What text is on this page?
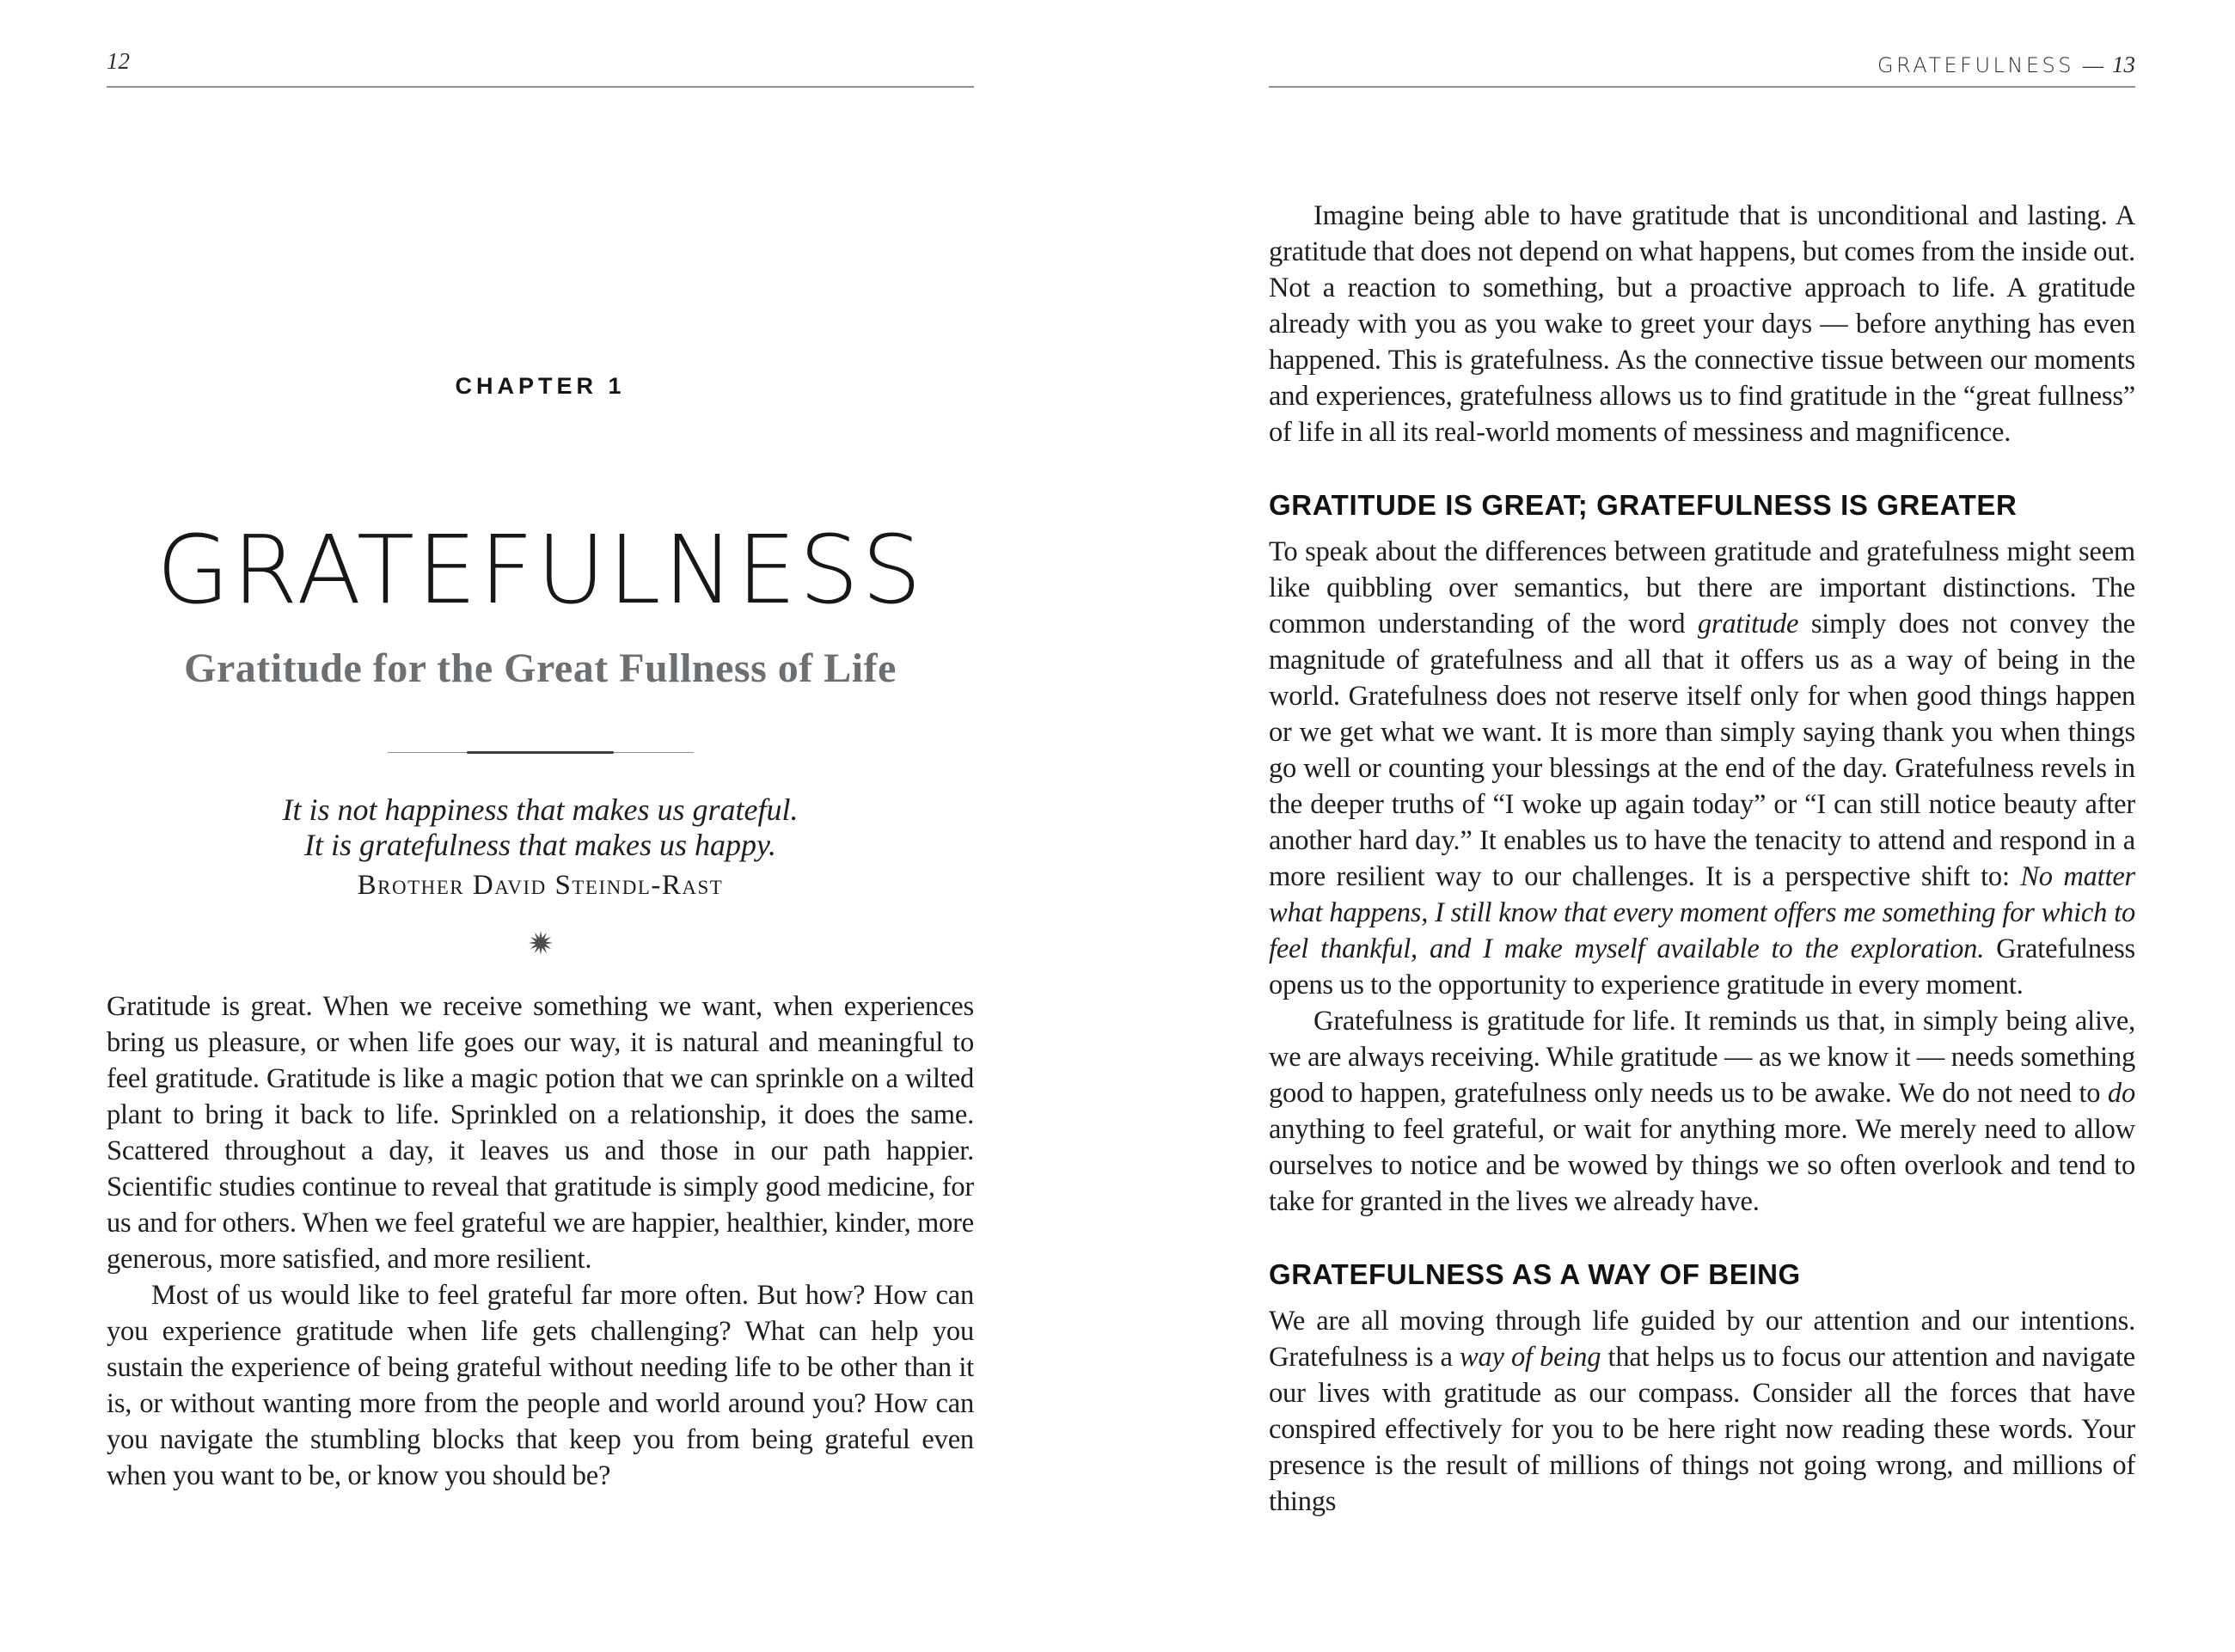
12
CHAPTER 1
GRATEFULNESS
Gratitude for the Great Fullness of Life
It is not happiness that makes us grateful.
It is gratefulness that makes us happy.
Brother David Steindl-Rast

Gratitude is great. When we receive something we want, when experiences bring us pleasure, or when life goes our way, it is natural and meaningful to feel gratitude. Gratitude is like a magic potion that we can sprinkle on a wilted plant to bring it back to life. Sprinkled on a relationship, it does the same. Scattered throughout a day, it leaves us and those in our path happier. Scientific studies continue to reveal that gratitude is simply good medicine, for us and for others. When we feel grateful we are happier, healthier, kinder, more generous, more satisfied, and more resilient.

Most of us would like to feel grateful far more often. But how? How can you experience gratitude when life gets challenging? What can help you sustain the experience of being grateful without needing life to be other than it is, or without wanting more from the people and world around you? How can you navigate the stumbling blocks that keep you from being grateful even when you want to be, or know you should be?

GRATEFULNESS — 13

Imagine being able to have gratitude that is unconditional and lasting. A gratitude that does not depend on what happens, but comes from the inside out. Not a reaction to something, but a proactive approach to life. A gratitude already with you as you wake to greet your days — before anything has even happened. This is gratefulness. As the connective tissue between our moments and experiences, gratefulness allows us to find gratitude in the “great fullness” of life in all its real-world moments of messiness and magnificence.

GRATITUDE IS GREAT; GRATEFULNESS IS GREATER

To speak about the differences between gratitude and gratefulness might seem like quibbling over semantics, but there are important distinctions. The common understanding of the word gratitude simply does not convey the magnitude of gratefulness and all that it offers us as a way of being in the world. Gratefulness does not reserve itself only for when good things happen or we get what we want. It is more than simply saying thank you when things go well or counting your blessings at the end of the day. Gratefulness revels in the deeper truths of “I woke up again today” or “I can still notice beauty after another hard day.” It enables us to have the tenacity to attend and respond in a more resilient way to our challenges. It is a perspective shift to: No matter what happens, I still know that every moment offers me something for which to feel thankful, and I make myself available to the exploration. Gratefulness opens us to the opportunity to experience gratitude in every moment.

Gratefulness is gratitude for life. It reminds us that, in simply being alive, we are always receiving. While gratitude — as we know it — needs something good to happen, gratefulness only needs us to be awake. We do not need to do anything to feel grateful, or wait for anything more. We merely need to allow ourselves to notice and be wowed by things we so often overlook and tend to take for granted in the lives we already have.

GRATEFULNESS AS A WAY OF BEING

We are all moving through life guided by our attention and our intentions. Gratefulness is a way of being that helps us to focus our attention and navigate our lives with gratitude as our compass. Consider all the forces that have conspired effectively for you to be here right now reading these words. Your presence is the result of millions of things not going wrong, and millions of things
